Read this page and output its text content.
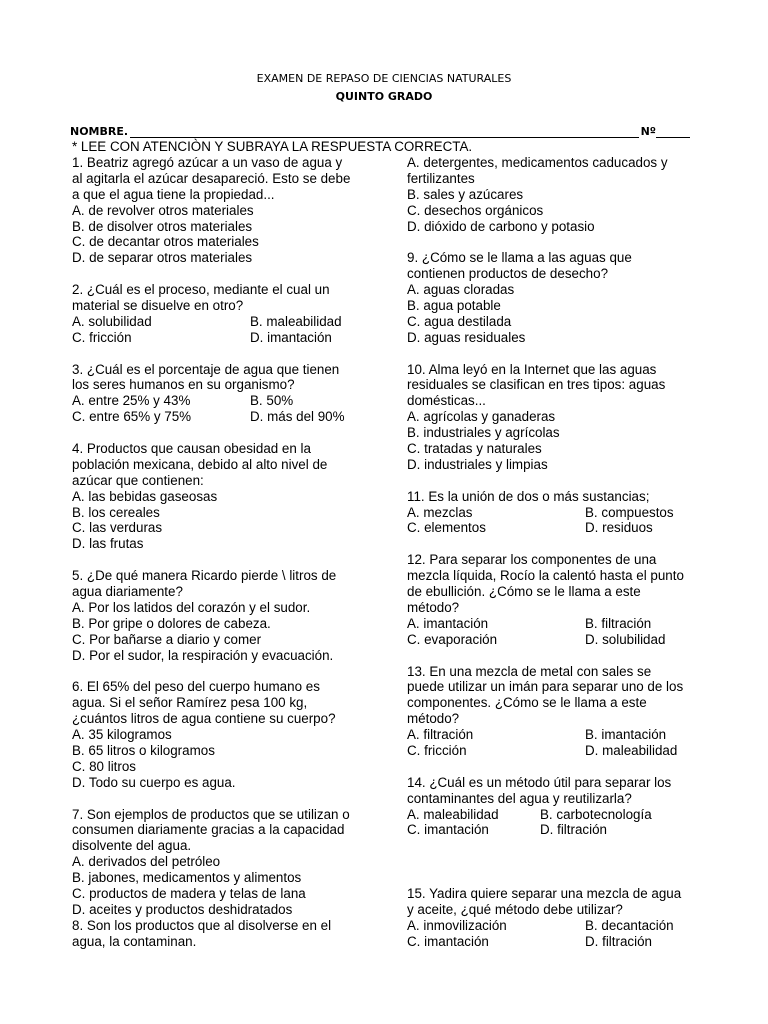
EXAMEN DE REPASO DE CIENCIAS NATURALES
QUINTO GRADO
NOMBRE.	Nº
* LEE CON ATENCIÒN Y SUBRAYA LA RESPUESTA CORRECTA.
1. Beatriz agregó azúcar a un vaso de agua y
al agitarla el azúcar desapareció. Esto se debe
a que el agua tiene la propiedad...
A. de revolver otros materiales
B. de disolver otros materiales
C. de decantar otros materiales
D. de separar otros materiales
2. ¿Cuál es el proceso, mediante el cual un
material se disuelve en otro?
A. solubilidad	B. maleabilidad
C. fricción	D. imantación
3. ¿Cuál es el porcentaje de agua que tienen
los seres humanos en su organismo?
A. entre 25% y 43%	B. 50%
C. entre 65% y 75%	D. más del 90%
4. Productos que causan obesidad en la
población mexicana, debido al alto nivel de
azúcar que contienen:
A. las bebidas gaseosas
B. los cereales
C. las verduras
D. las frutas
5. ¿De qué manera Ricardo pierde \ litros de
agua diariamente?
A. Por los latidos del corazón y el sudor.
B. Por gripe o dolores de cabeza.
C. Por bañarse a diario y comer
D. Por el sudor, la respiración y evacuación.
6. El 65% del peso del cuerpo humano es
agua. Si el señor Ramírez pesa 100 kg,
¿cuántos litros de agua contiene su cuerpo?
A. 35 kilogramos
B. 65 litros o kilogramos
C. 80 litros
D. Todo su cuerpo es agua.
7. Son ejemplos de productos que se utilizan o
consumen diariamente gracias a la capacidad
disolvente del agua.
A. derivados del petróleo
B. jabones, medicamentos y alimentos
C. productos de madera y telas de lana
D. aceites y productos deshidratados
8. Son los productos que al disolverse en el
agua, la contaminan.
A. detergentes, medicamentos caducados y
fertilizantes
B. sales y azúcares
C. desechos orgánicos
D. dióxido de carbono y potasio
9. ¿Cómo se le llama a las aguas que
contienen productos de desecho?
A. aguas cloradas
B. agua potable
C. agua destilada
D. aguas residuales
10. Alma leyó en la Internet que las aguas
residuales se clasifican en tres tipos: aguas
domésticas...
A. agrícolas y ganaderas
B. industriales y agrícolas
C. tratadas y naturales
D. industriales y limpias
11. Es la unión de dos o más sustancias;
A. mezclas	B. compuestos
C. elementos	D. residuos
12. Para separar los componentes de una
mezcla líquida, Rocío la calentó hasta el punto
de ebullición. ¿Cómo se le llama a este
método?
A. imantación	B. filtración
C. evaporación	D. solubilidad
13. En una mezcla de metal con sales se
puede utilizar un imán para separar uno de los
componentes. ¿Cómo se le llama a este
método?
A. filtración	B. imantación
C. fricción	D. maleabilidad
14. ¿Cuál es un método útil para separar los
contaminantes del agua y reutilizarla?
A. maleabilidad	B. carbotecnología
C. imantación	D. filtración
15. Yadira quiere separar una mezcla de agua
y aceite, ¿qué método debe utilizar?
A. inmovilización	B. decantación
C. imantación	D. filtración
